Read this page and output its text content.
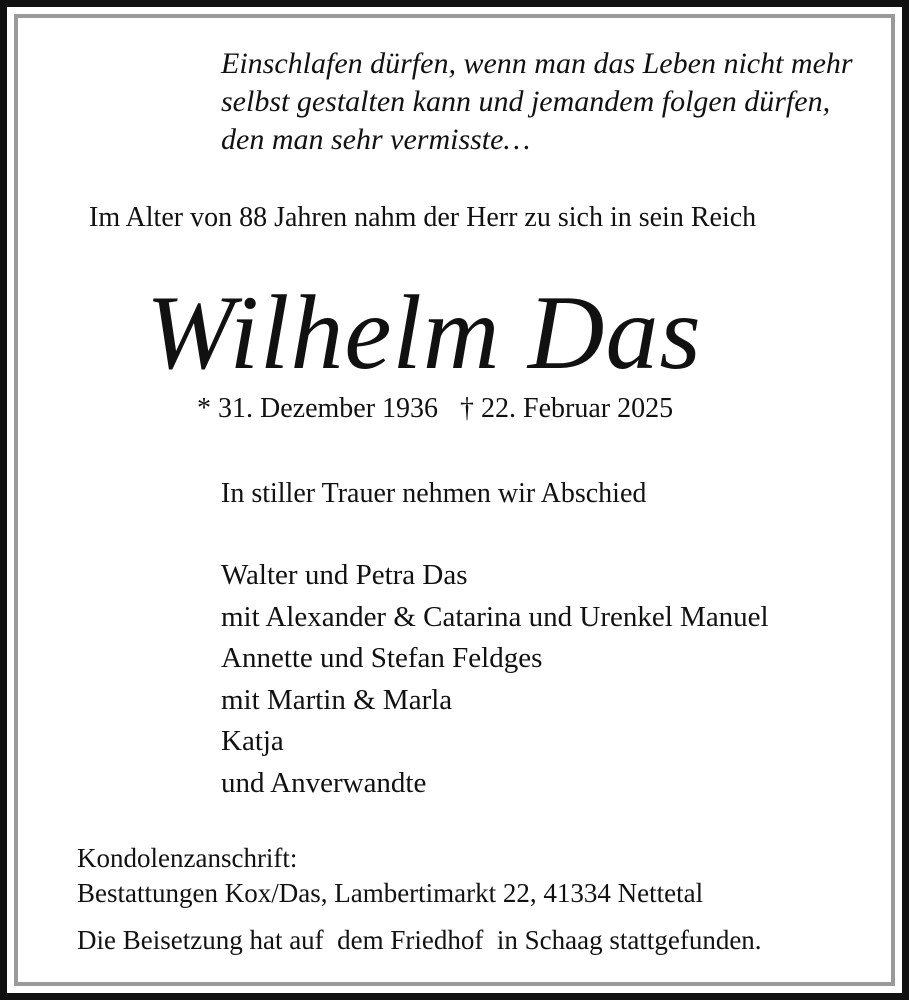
Einschlafen dürfen, wenn man das Leben nicht mehr
selbst gestalten kann und jemandem folgen dürfen,
den man sehr vermisste…

Im Alter von 88 Jahren nahm der Herr zu sich in sein Reich

Wilhelm Das

* 31. Dezember 1936 † 22. Februar 2025

In stiller Trauer nehmen wir Abschied

Walter und Petra Das
mit Alexander & Catarina und Urenkel Manuel
Annette und Stefan Feldges
mit Martin & Marla
Katja
und Anverwandte
Kondolenzanschrift:
Bestattungen Kox/Das, Lambertimarkt 22, 41334 Nettetal

Die Beisetzung hat auf  dem Friedhof  in Schaag stattgefunden.
